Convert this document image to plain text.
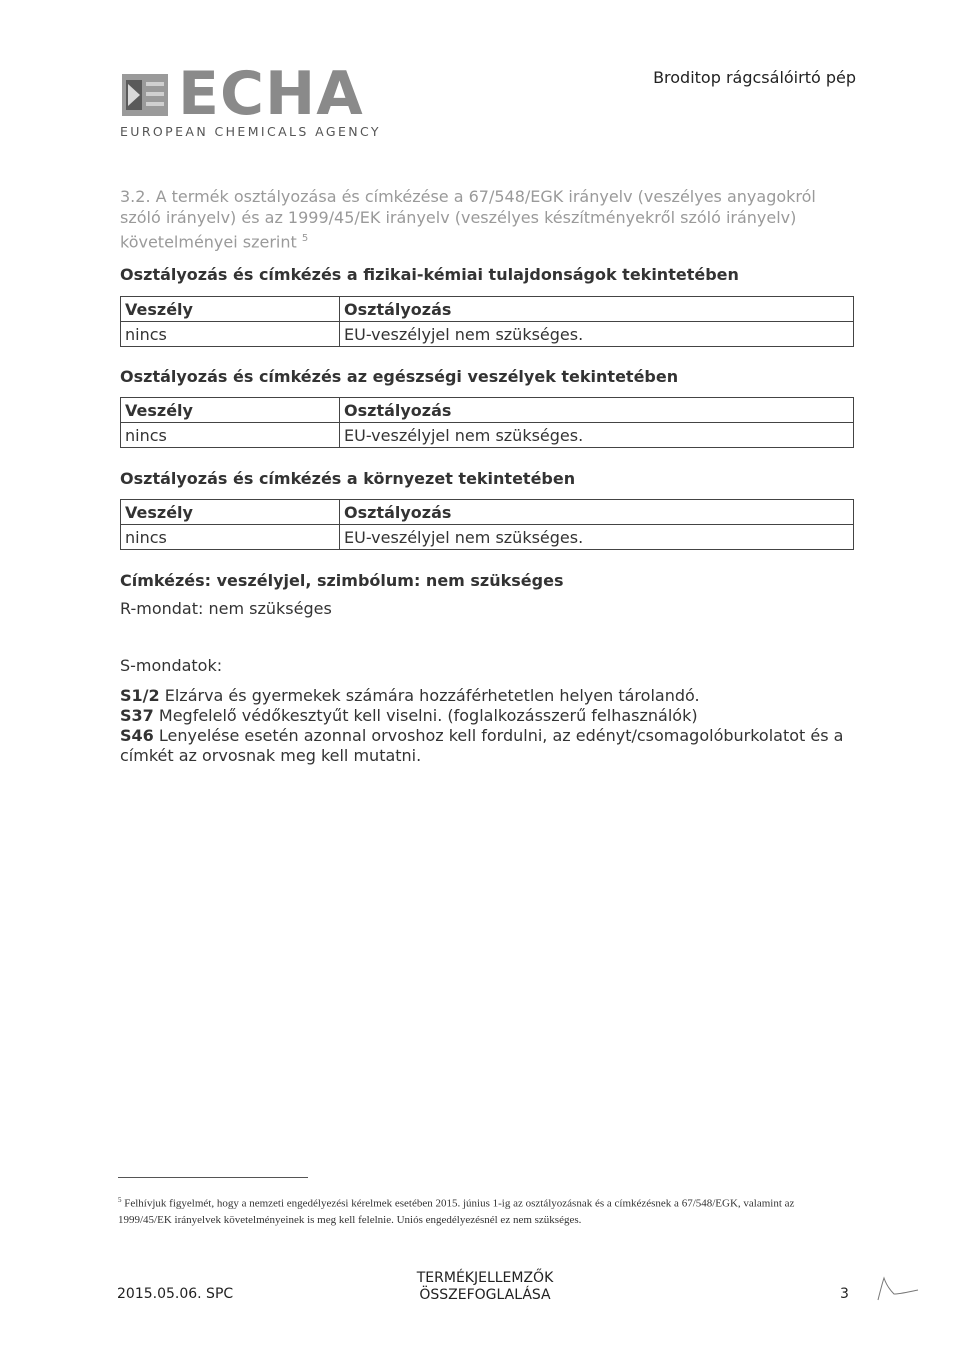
ECHA
EUROPEAN CHEMICALS AGENCY
Broditop rágcsálóirtó pép
3.2. A termék osztályozása és címkézése a 67/548/EGK irányelv (veszélyes anyagokról szóló irányelv) és az 1999/45/EK irányelv (veszélyes készítményekről szóló irányelv) követelményei szerint $^5$
Osztályozás és címkézés a fizikai-kémiai tulajdonságok tekintetében
Veszély	Osztályozás
nincs	EU-veszélyjel nem szükséges.
Osztályozás és címkézés az egészségi veszélyek tekintetében
Veszély	Osztályozás
nincs	EU-veszélyjel nem szükséges.
Osztályozás és címkézés a környezet tekintetében
Veszély	Osztályozás
nincs	EU-veszélyjel nem szükséges.
Címkézés: veszélyjel, szimbólum: nem szükséges
R-mondat: nem szükséges
S-mondatok:

S1/2 Elzárva és gyermekek számára hozzáférhetetlen helyen tárolandó.

S37 Megfelelő védőkesztyűt kell viselni. (foglalkozásszerű felhasználók)

S46 Lenyelése esetén azonnal orvoshoz kell fordulni, az edényt/csomagolóburkolatot és a címkét az orvosnak meg kell mutatni.

$^5$ Felhívjuk figyelmét, hogy a nemzeti engedélyezési kérelmek esetében 2015. június 1-ig az osztályozásnak és a címkézésnek a 67/548/EGK, valamint az 1999/45/EK irányelvek követelményeinek is meg kell felelnie. Uniós engedélyezésnél ez nem szükséges.
2015.05.06. SPC
TERMÉKJELLEMZŐK
ÖSSZEFOGLALÁSA	3
